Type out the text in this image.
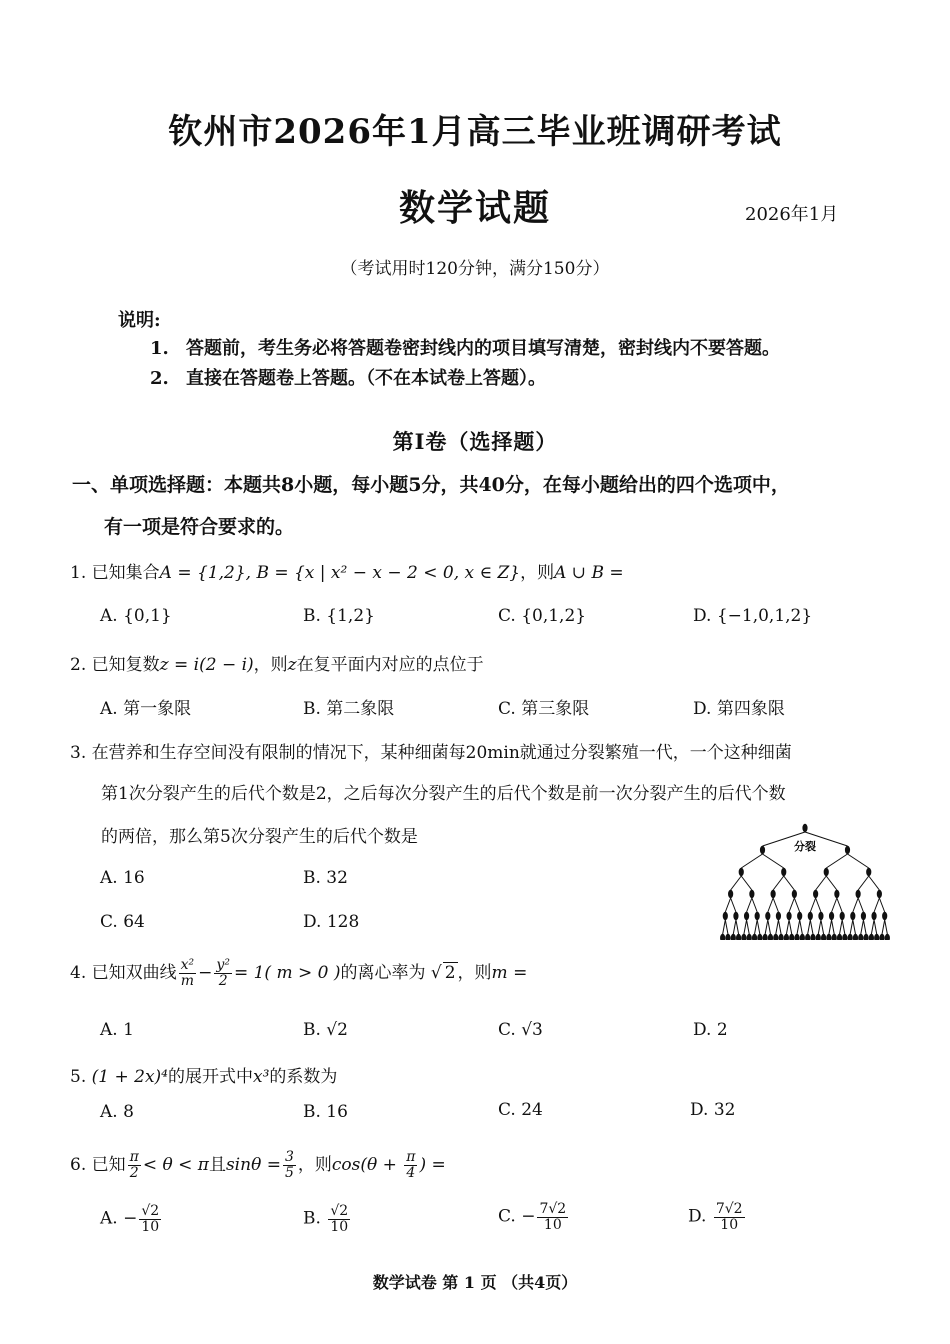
钦州市2026年1月高三毕业班调研考试
数学试题	2026年1月
（考试用时120分钟，满分150分）
说明:
1. 答题前，考生务必将答题卷密封线内的项目填写清楚，密封线内不要答题。
2. 直接在答题卷上答题。（不在本试卷上答题）。
第Ⅰ卷（选择题）
一、单项选择题：本题共8小题，每小题5分，共40分，在每小题给出的四个选项中，
有一项是符合要求的。
1. 已知集合A = {1,2}, B = {x | x² − x − 2 < 0, x ∈ Z}，则A ∪ B =
A. {0,1}	B. {1,2}	C. {0,1,2}	D. {−1,0,1,2}
2. 已知复数z = i(2 − i)，则z在复平面内对应的点位于
A. 第一象限	B. 第二象限	C. 第三象限	D. 第四象限
3. 在营养和生存空间没有限制的情况下，某种细菌每20min就通过分裂繁殖一代，一个这种细菌
第1次分裂产生的后代个数是2，之后每次分裂产生的后代个数是前一次分裂产生的后代个数
的两倍，那么第5次分裂产生的后代个数是
A. 16	B. 32
C. 64	D. 128
分裂
4. 已知双曲线 $\frac{\text{x²}}{m} - \frac{\text{y²}}{2} = 1$( m > 0 )的离心率为 √ 2 ，则m =
A. 1	B. √2	C. √3	D. 2
5. (1 + 2x)⁴的展开式中x³的系数为
A. 8	B. 16	C. 24	D. 32
6. 已知 $\frac{\pi}{2} < \theta < \pi$且$\sin\theta = \frac{3}{5}$ ，则$\cos(\theta + \frac{\pi}{4}$ ) =
A. − $\frac{√2}{10}$	B. $\frac{√2}{10}$	C. − $\frac{7√2}{10}$	D. $\frac{7√2}{10}$
数学试卷 第 1 页 （共4页）
